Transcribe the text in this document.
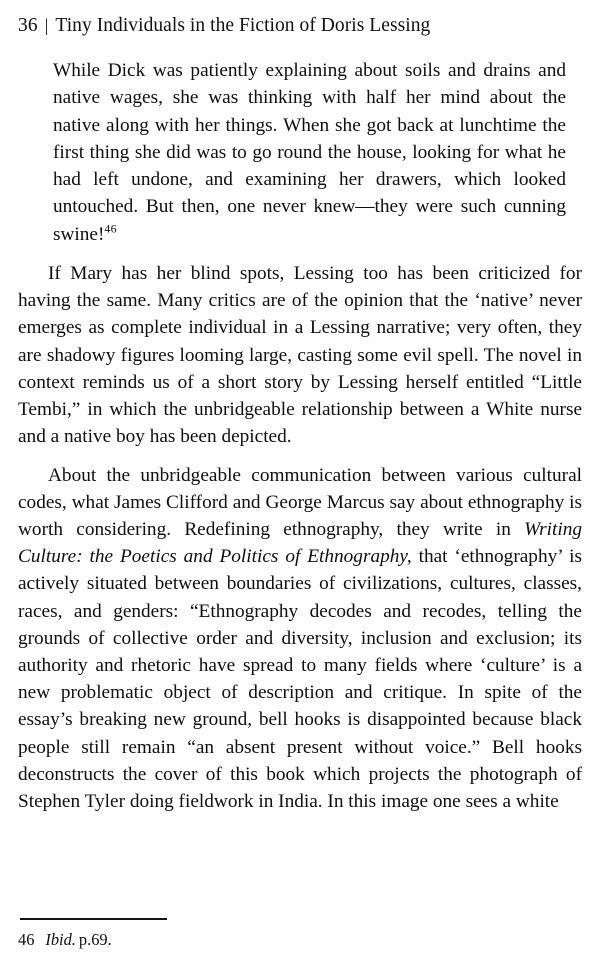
36 | Tiny Individuals in the Fiction of Doris Lessing

While Dick was patiently explaining about soils and drains and native wages, she was thinking with half her mind about the native along with her things. When she got back at lunchtime the first thing she did was to go round the house, looking for what he had left undone, and examining her drawers, which looked untouched. But then, one never knew—they were such cunning swine!$^{46}$

If Mary has her blind spots, Lessing too has been criticized for having the same. Many critics are of the opinion that the ‘native’ never emerges as complete individual in a Lessing narrative; very often, they are shadowy figures looming large, casting some evil spell. The novel in context reminds us of a short story by Lessing herself entitled “Little Tembi,” in which the unbridgeable relationship between a White nurse and a native boy has been depicted.

About the unbridgeable communication between various cultural codes, what James Clifford and George Marcus say about ethnography is worth considering. Redefining ethnography, they write in Writing Culture: the Poetics and Politics of Ethnography, that ‘ethnography’ is actively situated between boundaries of civilizations, cultures, classes, races, and genders: “Ethnography decodes and recodes, telling the grounds of collective order and diversity, inclusion and exclusion; its authority and rhetoric have spread to many fields where ‘culture’ is a new problematic object of description and critique. In spite of the essay’s breaking new ground, bell hooks is disappointed because black people still remain “an absent present without voice.” Bell hooks deconstructs the cover of this book which projects the photograph of Stephen Tyler doing fieldwork in India. In this image one sees a white

46 Ibid. p.69.
